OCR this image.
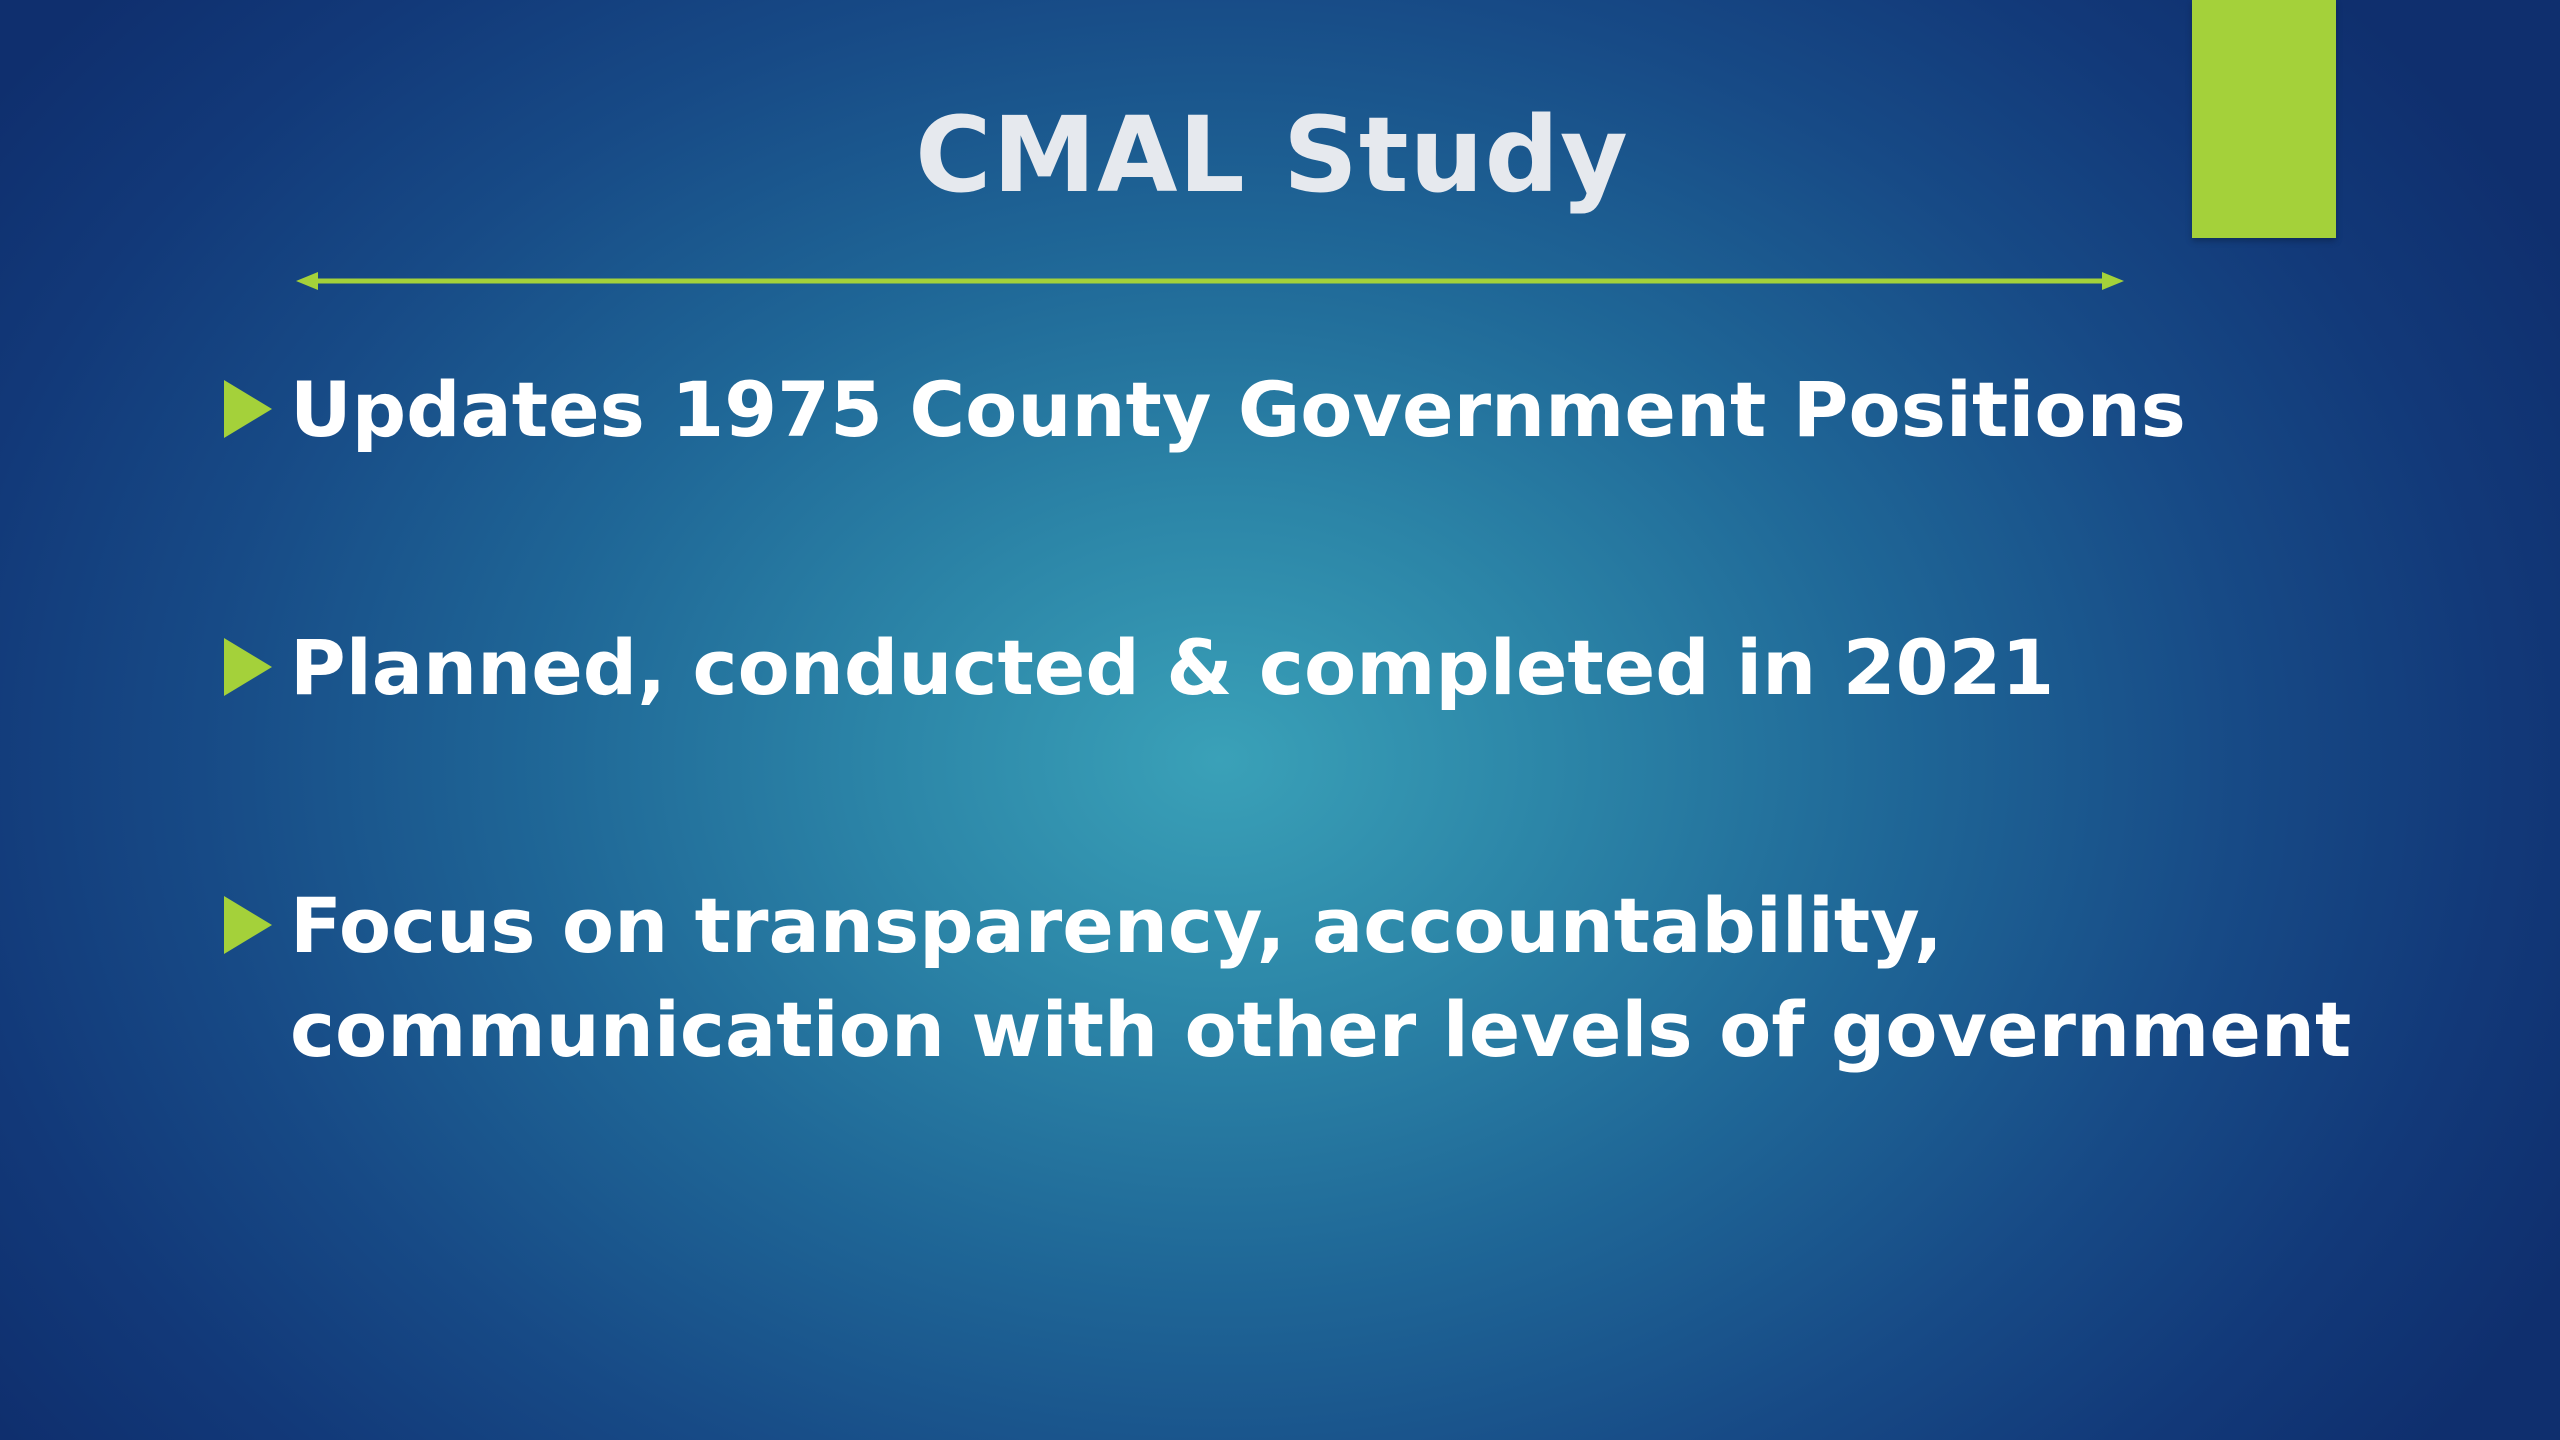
CMAL Study
Updates 1975 County Government Positions
Planned, conducted & completed in 2021
Focus on transparency, accountability,
communication with other levels of government
